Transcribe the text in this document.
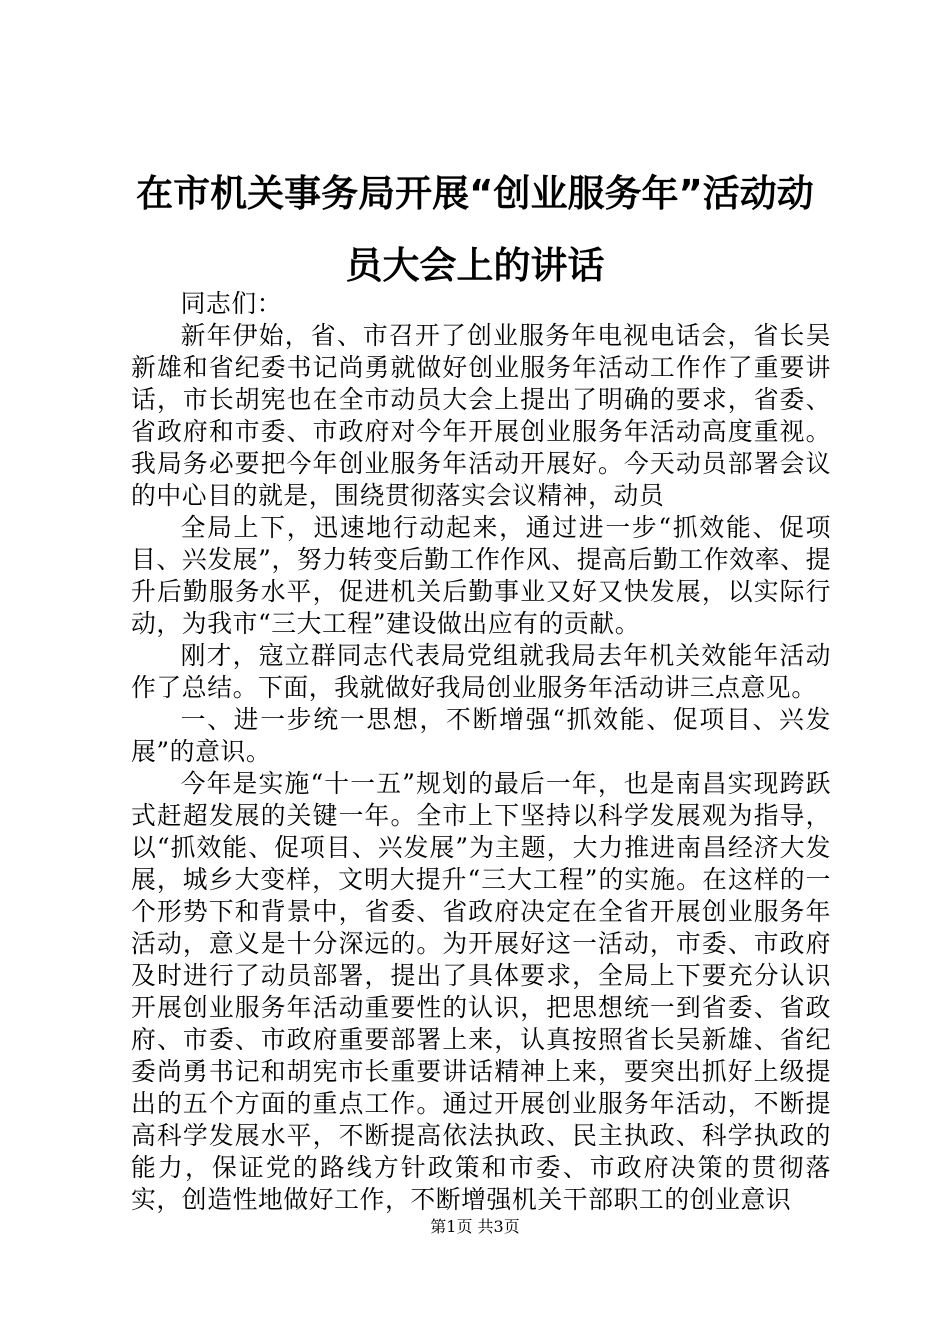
在市机关事务局开展“创业服务年”活动动员大会上的讲话

同志们：

新年伊始，省、市召开了创业服务年电视电话会，省长吴新雄和省纪委书记尚勇就做好创业服务年活动工作作了重要讲话，市长胡宪也在全市动员大会上提出了明确的要求，省委、省政府和市委、市政府对今年开展创业服务年活动高度重视。我局务必要把今年创业服务年活动开展好。今天动员部署会议的中心目的就是，围绕贯彻落实会议精神，动员

全局上下，迅速地行动起来，通过进一步“抓效能、促项目、兴发展”，努力转变后勤工作作风、提高后勤工作效率、提升后勤服务水平，促进机关后勤事业又好又快发展，以实际行动，为我市“三大工程”建设做出应有的贡献。

刚才，寇立群同志代表局党组就我局去年机关效能年活动作了总结。下面，我就做好我局创业服务年活动讲三点意见。

一、进一步统一思想，不断增强“抓效能、促项目、兴发展”的意识。

今年是实施“十一五”规划的最后一年，也是南昌实现跨跃式赶超发展的关键一年。全市上下坚持以科学发展观为指导，以“抓效能、促项目、兴发展”为主题，大力推进南昌经济大发展，城乡大变样，文明大提升“三大工程”的实施。在这样的一个形势下和背景中，省委、省政府决定在全省开展创业服务年活动，意义是十分深远的。为开展好这一活动，市委、市政府及时进行了动员部署，提出了具体要求，全局上下要充分认识开展创业服务年活动重要性的认识，把思想统一到省委、省政府、市委、市政府重要部署上来，认真按照省长吴新雄、省纪委尚勇书记和胡宪市长重要讲话精神上来，要突出抓好上级提出的五个方面的重点工作。通过开展创业服务年活动，不断提高科学发展水平，不断提高依法执政、民主执政、科学执政的能力，保证党的路线方针政策和市委、市政府决策的贯彻落实，创造性地做好工作，不断增强机关干部职工的创业意识

第1页 共3页
